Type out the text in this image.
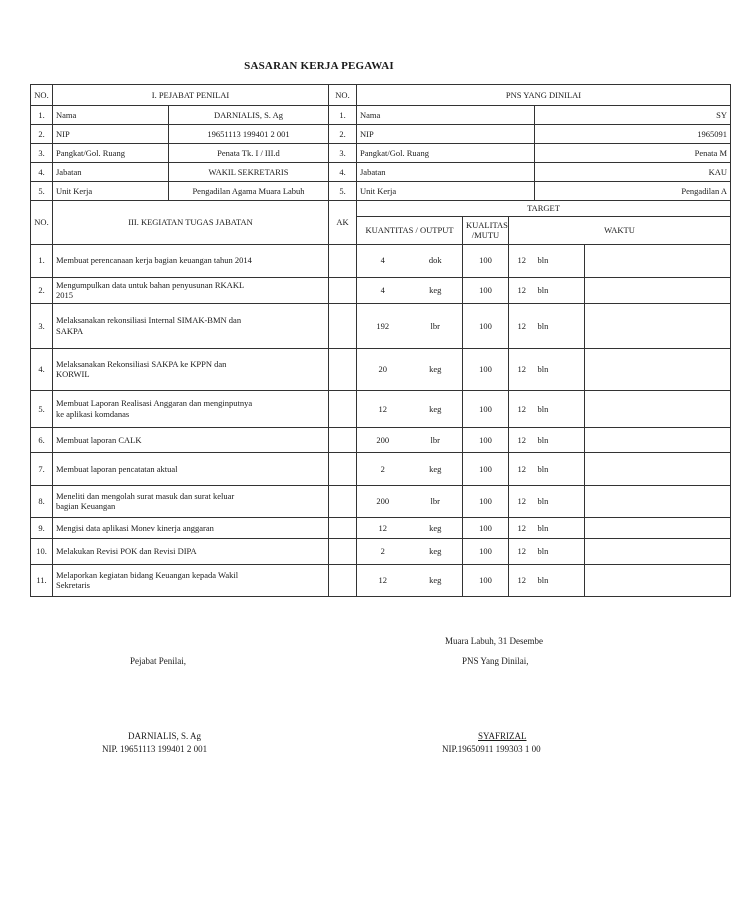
SASARAN KERJA PEGAWAI
NO.	I. PEJABAT PENILAI		NO.	PNS YANG DINILAI					
1.	Nama	DARNIALIS, S. Ag	1.	Nama				SY	
2.	NIP	19651113 199401 2 001	2.	NIP				1965091	
3.	Pangkat/Gol. Ruang	Penata Tk. I / III.d	3.	Pangkat/Gol. Ruang				Penata M	
4.	Jabatan	WAKIL SEKRETARIS	4.	Jabatan				KAU	
5.	Unit Kerja	Pengadilan Agama Muara Labuh	5.	Unit Kerja				Pengadilan A	
NO.	III. KEGIATAN TUGAS JABATAN		AK	TARGET					
				KUANTITAS / OUTPUT		KUALITAS /MUTU	WAKTU		
1.	Membuat perencanaan kerja bagian keuangan tahun 2014			4	dok	100	12	bln	
2.	Mengumpulkan data untuk bahan penyusunan RKAKL 2015			4	keg	100	12	bln	
3.	Melaksanakan rekonsiliasi Internal SIMAK-BMN dan SAKPA			192	lbr	100	12	bln	
4.	Melaksanakan Rekonsiliasi SAKPA ke KPPN dan KORWIL			20	keg	100	12	bln	
5.	Membuat Laporan Realisasi Anggaran dan menginputnya ke aplikasi komdanas			12	keg	100	12	bln	
6.	Membuat laporan CALK			200	lbr	100	12	bln	
7.	Membuat laporan pencatatan aktual			2	keg	100	12	bln	
8.	Meneliti dan mengolah surat masuk dan surat keluar bagian Keuangan			200	lbr	100	12	bln	
9.	Mengisi data aplikasi Monev kinerja anggaran			12	keg	100	12	bln	
10.	Melakukan Revisi POK dan Revisi DIPA			2	keg	100	12	bln	
11.	Melaporkan kegiatan bidang Keuangan kepada Wakil Sekretaris			12	keg	100	12	bln	
Muara Labuh, 31 Desembe
Pejabat Penilai,	PNS Yang Dinilai,
DARNIALIS, S. Ag
NIP. 19651113 199401 2 001
SYAFRIZAL
NIP.19650911 199303 1 00
